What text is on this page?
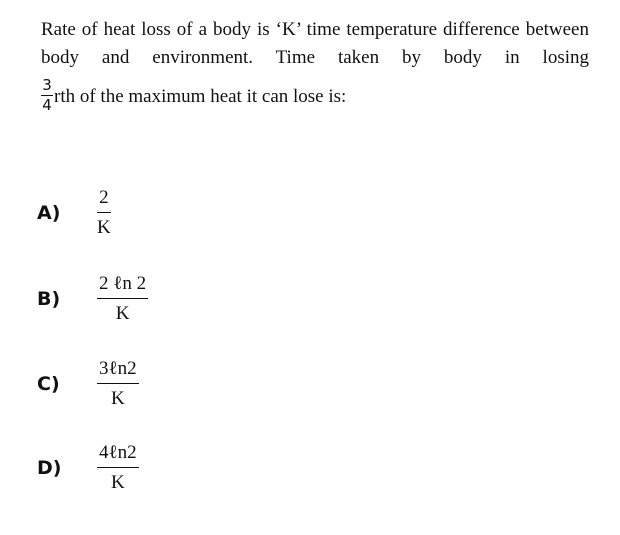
Rate of heat loss of a body is ‘K’ time temperature difference between body and environment. Time taken by body in losing
$\frac{3}{4}$ rth of the maximum heat it can lose is:
A)	$\frac{2}{K}$
B)	$\frac{\text{2 ℓn 2}}{K}$
C)	$\frac{\text{3ℓn2}}{K}$
D)	$\frac{\text{4ℓn2}}{K}$
